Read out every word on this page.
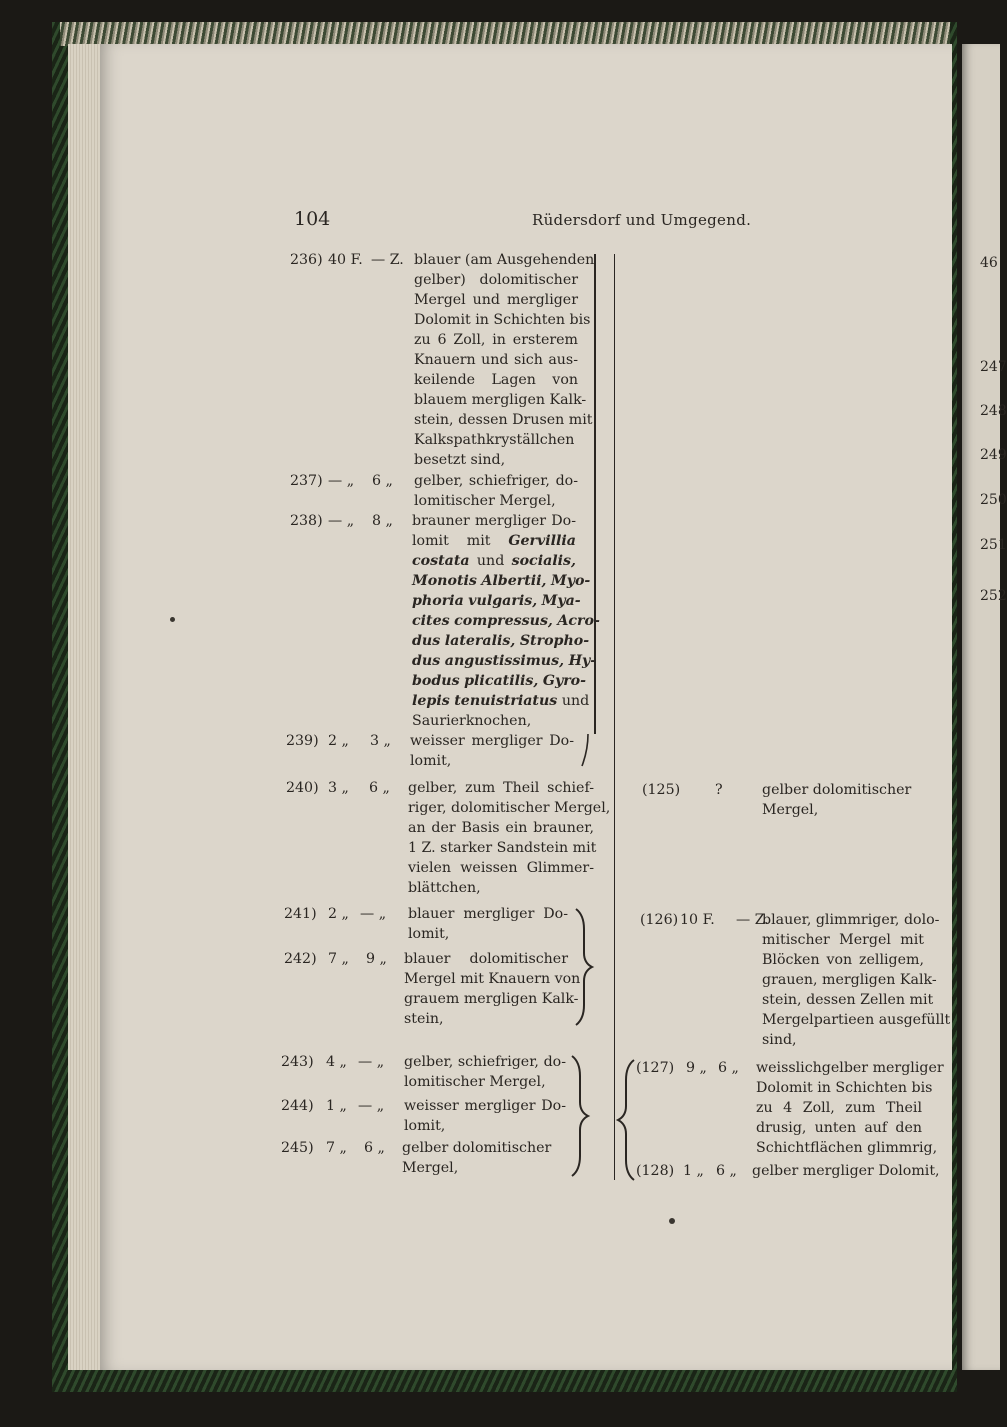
46
247
248
249
250
251
252
104	Rüdersdorf und Umgegend.
236) 40 F. — Z. blauer (am Ausgehenden
gelber) dolomitischer
Mergel und mergliger
Dolomit in Schichten bis
zu 6 Zoll, in ersterem
Knauern und sich aus-
keilende Lagen von
blauem mergligen Kalk-
stein, dessen Drusen mit
Kalkspathkryställchen
besetzt sind,
237) — „ 6 „ gelber, schiefriger, do-
lomitischer Mergel,
238) — „ 8 „ brauner mergliger Do-
lomit mit Gervillia
costata und socialis,
Monotis Albertii, Myo-
phoria vulgaris, Mya-
cites compressus, Acro-
dus lateralis, Stropho-
dus angustissimus, Hy-
bodus plicatilis, Gyro-
lepis tenuistriatus und
Saurierknochen,
239) 2 „ 3 „ weisser mergliger Do-
lomit,
240) 3 „ 6 „ gelber, zum Theil schief-
riger, dolomitischer Mergel,
an der Basis ein brauner,
1 Z. starker Sandstein mit
vielen weissen Glimmer-
blättchen,
241) 2 „ — „ blauer mergliger Do-
lomit,
242) 7 „ 9 „ blauer dolomitischer
Mergel mit Knauern von
grauem mergligen Kalk-
stein,
243) 4 „ — „ gelber, schiefriger, do-
lomitischer Mergel,
244) 1 „ — „ weisser mergliger Do-
lomit,
245) 7 „ 6 „ gelber dolomitischer
Mergel,
(125) ?	gelber dolomitischer
Mergel,
(126) 10 F. — Z.
blauer, glimmriger, dolo-
mitischer Mergel mit
Blöcken von zelligem,
grauen, mergligen Kalk-
stein, dessen Zellen mit
Mergelpartieen ausgefüllt
sind,
(127) 9 „ 6 „ weisslichgelber mergliger
Dolomit in Schichten bis
zu 4 Zoll, zum Theil
drusig, unten auf den
Schichtflächen glimmrig,
(128) 1 „ 6 „ gelber mergliger Dolomit,
